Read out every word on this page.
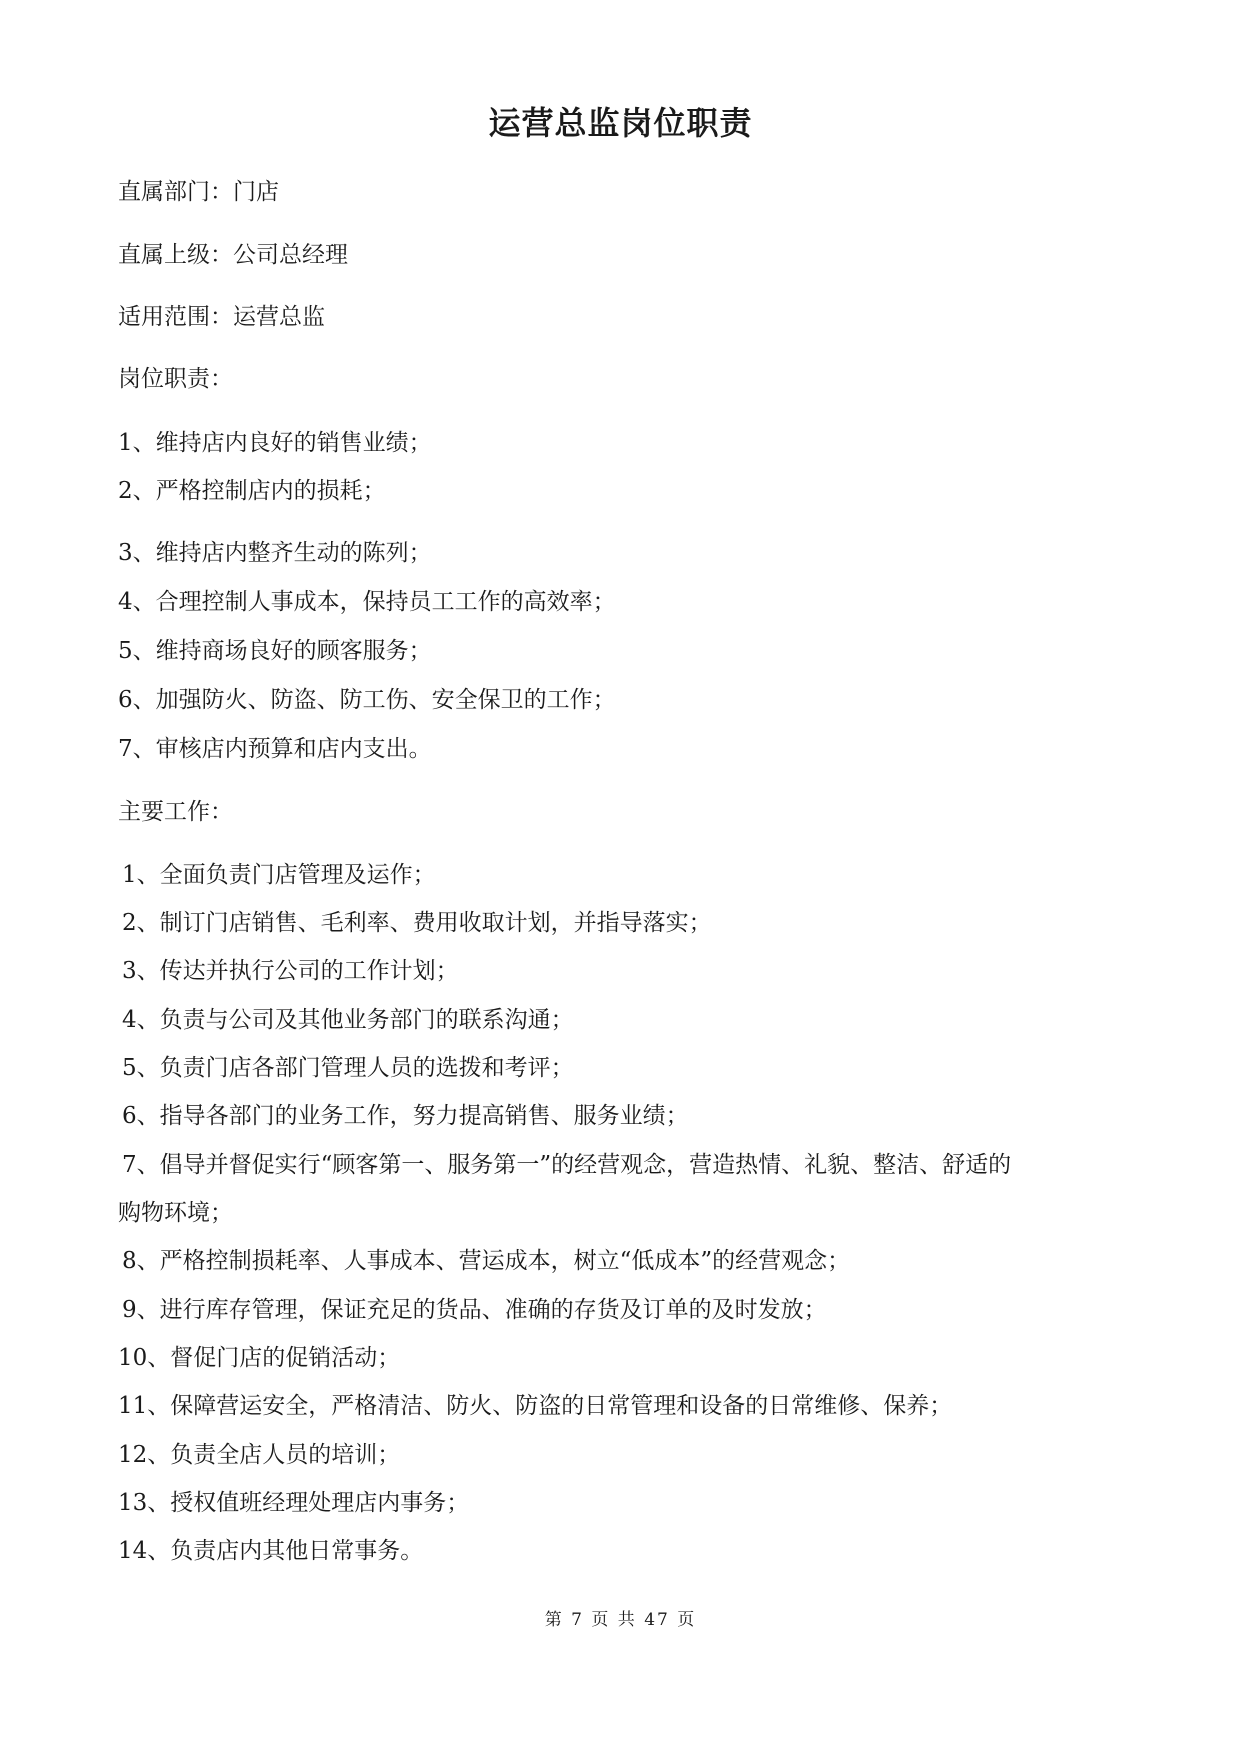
运营总监岗位职责
直属部门：门店
直属上级：公司总经理
适用范围：运营总监
岗位职责：
1、维持店内良好的销售业绩；
2、严格控制店内的损耗；
3、维持店内整齐生动的陈列；
4、合理控制人事成本，保持员工工作的高效率；
5、维持商场良好的顾客服务；
6、加强防火、防盗、防工伤、安全保卫的工作；
7、审核店内预算和店内支出。
主要工作：
1、全面负责门店管理及运作；
2、制订门店销售、毛利率、费用收取计划，并指导落实；
3、传达并执行公司的工作计划；
4、负责与公司及其他业务部门的联系沟通；
5、负责门店各部门管理人员的选拨和考评；
6、指导各部门的业务工作，努力提高销售、服务业绩；
7、倡导并督促实行“顾客第一、服务第一”的经营观念，营造热情、礼貌、整洁、舒适的
购物环境；
8、严格控制损耗率、人事成本、营运成本，树立“低成本”的经营观念；
9、进行库存管理，保证充足的货品、准确的存货及订单的及时发放；
10、督促门店的促销活动；
11、保障营运安全，严格清洁、防火、防盗的日常管理和设备的日常维修、保养；
12、负责全店人员的培训；
13、授权值班经理处理店内事务；
14、负责店内其他日常事务。
第 7 页 共 47 页
